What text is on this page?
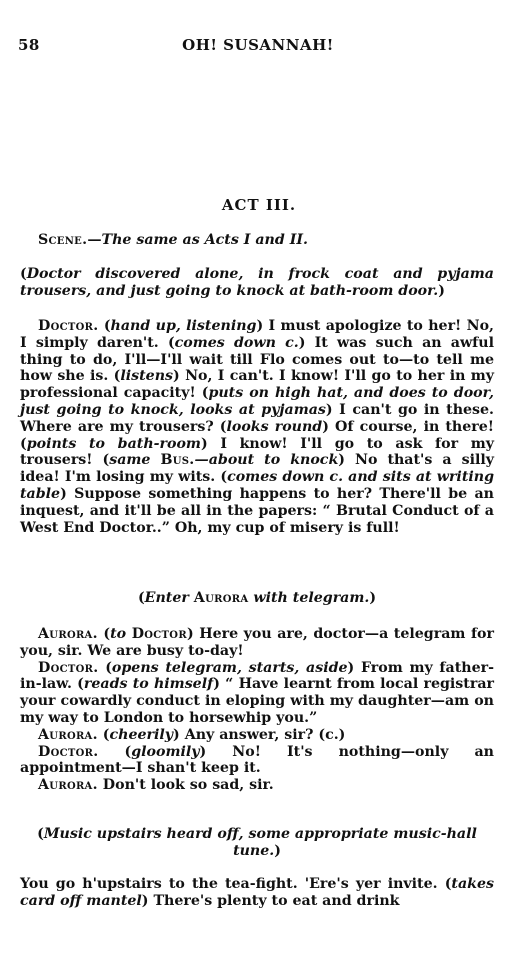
58	OH! SUSANNAH!
ACT III.

Scene.—The same as Acts I and II.

(Doctor discovered alone, in frock coat and pyjama trousers, and just going to knock at bath-room door.)

Doctor. (hand up, listening) I must apologize to her! No, I simply daren't. (comes down c.) It was such an awful thing to do, I'll—I'll wait till Flo comes out to—to tell me how she is. (listens) No, I can't. I know! I'll go to her in my professional capacity! (puts on high hat, and does to door, just going to knock, looks at pyjamas) I can't go in these. Where are my trousers? (looks round) Of course, in there! (points to bath-room) I know! I'll go to ask for my trousers! (same Bus.—about to knock) No that's a silly idea! I'm losing my wits. (comes down c. and sits at writing table) Suppose something happens to her? There'll be an inquest, and it'll be all in the papers: “ Brutal Conduct of a West End Doctor..” Oh, my cup of misery is full!

(Enter Aurora with telegram.)

Aurora. (to Doctor) Here you are, doctor—a telegram for you, sir. We are busy to-day!

Doctor. (opens telegram, starts, aside) From my father-in-law. (reads to himself) “ Have learnt from local registrar your cowardly conduct in eloping with my daughter—am on my way to London to horsewhip you.”

Aurora. (cheerily) Any answer, sir? (c.)

Doctor. (gloomily) No! It's nothing—only an appointment—I shan't keep it.

Aurora. Don't look so sad, sir.

(Music upstairs heard off, some appropriate music-hall tune.)

You go h'upstairs to the tea-fight. 'Ere's yer invite. (takes card off mantel) There's plenty to eat and drink
